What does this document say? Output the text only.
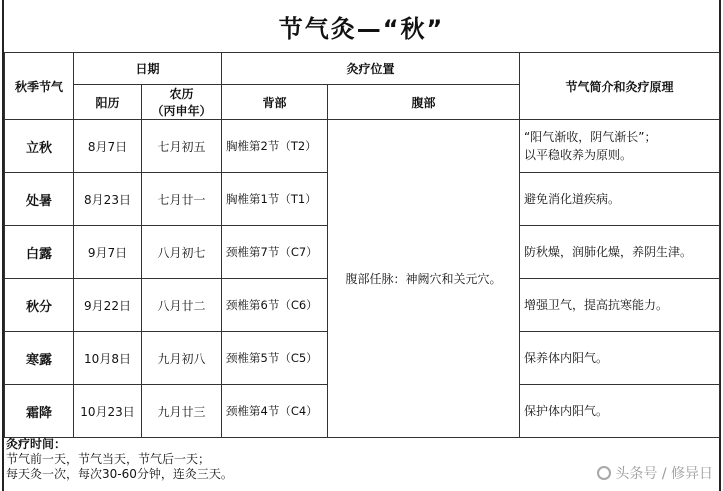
节气灸—“秋”
秋季节气	日期		灸疗位置		节气简介和灸疗原理
	阳历	农历
（丙申年）	背部	腹部	
立秋	8月7日	七月初五	胸椎第2节（T2）	腹部任脉：神阙穴和关元穴。	“阳气渐收，阴气渐长”；
以平稳收养为原则。

处暑	8月23日	七月廿一	胸椎第1节（T1）		避免消化道疾病。
白露	9月7日	八月初七	颈椎第7节（C7）		防秋燥，润肺化燥，养阴生津。
秋分	9月22日	八月廿二	颈椎第6节（C6）		增强卫气，提高抗寒能力。
寒露	10月8日	九月初八	颈椎第5节（C5）		保养体内阳气。
霜降	10月23日	九月廿三	颈椎第4节（C4）		保护体内阳气。
灸疗时间：
节气前一天，节气当天，节气后一天；
每天灸一次，每次30-60分钟，连灸三天。	头条号 / 修异日
